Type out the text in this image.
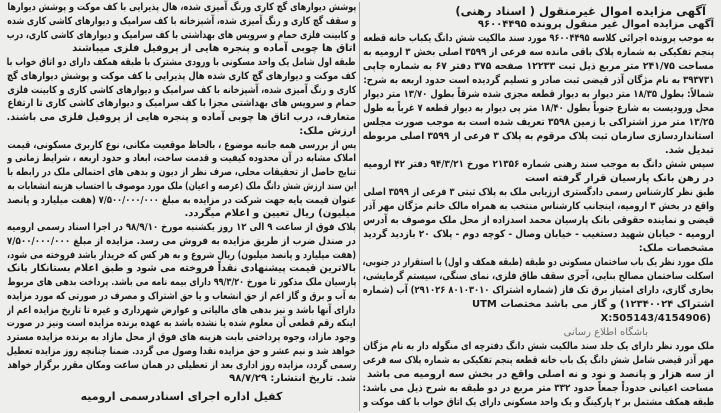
آگهی مزایده اموال غیرمنقول ( اسناد رهنی)
آگهی مزایده اموال غیر منقول پرونده ۹۶۰۰۴۴۹۵
به موجب پرونده اجرائی کلاسه ۹۶۰۰۴۴۹۵ مورد سند مالکیت شش دانگ یکباب خانه قطعه
پنجم تفکیکی به شماره پلاک باقی مانده سه فرعی از ۳۵۹۹ اصلی بخش ۳ ارومیه به
مساحت ۲۴۱/۷۵ متر مربع ذیل ثبت ۱۲۲۳۳ صفحه ۳۷۵ دفتر ۶۷ به شماره چاپی
۳۹۳۷۳۱ به نام مژگان آذر قیضی ثبت صادر و تسلیم گردیده است حدود اربعه به شرح:
شمالاً: بطول ۱۸/۳۵ متر دیوار به دیوار قطعه مجزی شده شرقاً بطول ۱۳/۷۰ متر دیوار
محل ورودیست به شارع جنوباً بطول ۱۸/۴۰ متر پی دیوار به دیوار قطعه ۷ غرباً به طول
۱۳/۲۵ متر مرز اشتراکی با زمین ۳۵۹۸ تعریف شده است به موجب صورت مجلس
استانداردسازی سازمان ثبت پلاک مرقوم به پلاک ۳ فرعی از ۳۵۹۹ اصلی مربوطه
تبدیل شد.
سپس شش دانگ به موجب سند رهنی شماره ۲۱۳۵۶ مورخ ۹۴/۳/۲۱ دفتر ۴۲ ارومیه
در رهن بانک پارسیان قرار گرفته است
طبق نظر کارشناس رسمی دادگستری ارزیابی ملک به پلاک ثبتی ۳ فرعی از ۳۵۹۹ اصلی
واقع در بخش ۳ ارومیه، اینجانب کارشناس منتخب به همراه مالک خانم مژگان مهر آذر
قیضی و نماینده حقوقی بانک پارسیان محمد اسدزاده از محل ملک موصوف به آدرس
ارومیه - خیابان شهید دستغیب - خیابان وصال - کوچه دوم - پلاک ۲۰ بازدید گردید
مشخصات ملک:
ملک مورد نظر یک باب ساختمان مسکونی دو طبقه (طبقه همکف و اول) با استقرار در جنوبی،
اسکلت ساختمان مصالح بنایی، آجری سقف طاق فلزی، نمای سنگی، سیستم گرمایشی،
بخاری گازی، دارای امتیاز برق تک فاز (شماره اشتراک ۸۰۱۰۳۰۱۰ ۲۹۱۰۲۶) آب (شماره
اشتراک ۱۲۳۴۰۰۲۴) و گاز می باشد مختصات UTM
X:505143/4154906)
باشگاه اطلاع رسانی
ملک مورد نظر دارای یک جلد سند مالکیت شش دانگ دفترچه ای منگوله دار به نام مژگان
مهر آذر قیضی شامل شش دانگ یک باب خانه قطعه پنجم تفکیکی به شماره پلاک سه فرعی
از سه هزار و پانصد و نود و نه اصلی واقع در بخش سه ارومیه می باشد
مساحت اعیانی حدوداً جمعاً حدود ۳۳۲ متر مربع در دو طبقه به شرح ذیل می باشد:
طبقه همکف مشتمل بر ۲ پارکینگ و یک واحد مسکونی دارای یک اتاق خواب با کف موکت و
پوشش دیوارهای گچ کاری ورنگ آمیزی شده، هال پذیرایی با کف موکت و پوشش دیوارها
و سقف گچ کاری و رنگ آمیزی شده، آشپزخانه با کف سرامیک و دیوارهای کاشی کاری شده
و کابینت فلزی حمام و سرویس های بهداشتی با کف سرامیک و دیوارهای کاشی کاری، درب
اتاق ها چوبی آماده و پنجره هایی از پروفیل فلزی میباشند
طبقه اول شامل یک واحد مسکونی با ورودی مشترک با طبقه همکف دارای دو اتاق خواب با
کف موکت و دیوارهای گچ کاری شده هال پذیرایی با کف موکت و پوشش دیوارهای گچ
کاری و رنگ آمیزی شده، آشپزخانه با کف سرامیک و دیوارهای کاشی کاری و کابینت فلزی
حمام و سرویس های بهداشتی مجزا با کف سرامیک و دیوارهای کاشی کاری تا ارتفاع
متعارف، درب اتاق ها چوبی آماده و پنجره هایی از پروفیل فلزی می باشند.
ارزش ملک:
پس از بررسی همه جانبه موضوع ، بالحاظ موقعیت مکانی، نوع کاربری مسکونی، قیمت
املاک مشابه در آن محدوده کیفیت و قدمت ساخت، ابعاد و حدود اربعه ، شرایط زمانی و
تنایج حاصل از تحقیقات محلی، صرف نظر از دیون و بدهی های احتمالی ملک در رابطه با
این سند ارزش شش دانگ ملک (عرصه و اعیان) ملک مورد موصوف با احتساب هزینه انشعابات به
عنوان قیمت پایه جهت شرکت در مزایده به مبلغ ۷/۵۰۰/۰۰۰/۰۰۰ (هفت میلیارد و پانصد
میلیون) ریال تعیین و اعلام میگردد.
پلاک فوق از ساعت ۹ الی ۱۲ روز یکشنبه مورخ ۹۸/۹/۱۰ در اجرا اسناد رسمی ارومیه
در صندل ضرب از طریق مزایده به فروش می رسد. مزایده از مبلغ ۷/۵۰۰/۰۰۰/۰۰۰
(هفت میلیارد و پانصد میلیون) ریال شروع و به هر کس که خریدار باشد فروخته می شود،
بالاترین قیمت پیشنهادی نقداً فروخته می شود و طبق اعلام بستانکار بانک
پارسیان ملک مذکور تا مورخ ۹۹/۳/۲۰ دارای بیمه نامه می باشد. پرداخت بدهی های مربوط
به آب و برق و گاز اعم از حق انشعاب و یا حق اشتراک و مصرف در صورتی که مورد مزایده
دارای آنها باشد و نیز بدهی های مالیاتی و عوارض شهرداری و غیره تا تاریخ مزایده اعم از
اینکه رقم قطعی آن معلوم شده یا نشده باشد به عهده برنده مزایده است ونیز در صورت
وجود مازاد، وجوه پرداختی بابت هزینه های فوق از محل مازاد به برنده مزایده مسترد
خواهد شد و نیم عشر و حق مزایده نقدا وصول می گردد. ضمنا چنانچه روز مزایده تعطیل
رسمی گردد، مزایده روز اداری بعد از تعطیلی در همان ساعت ومکان مقرر برگزار خواهد
شد. تاریخ انتشار: ۹۸/۷/۲۹
کفیل اداره اجرای اسنادرسمی ارومیه
